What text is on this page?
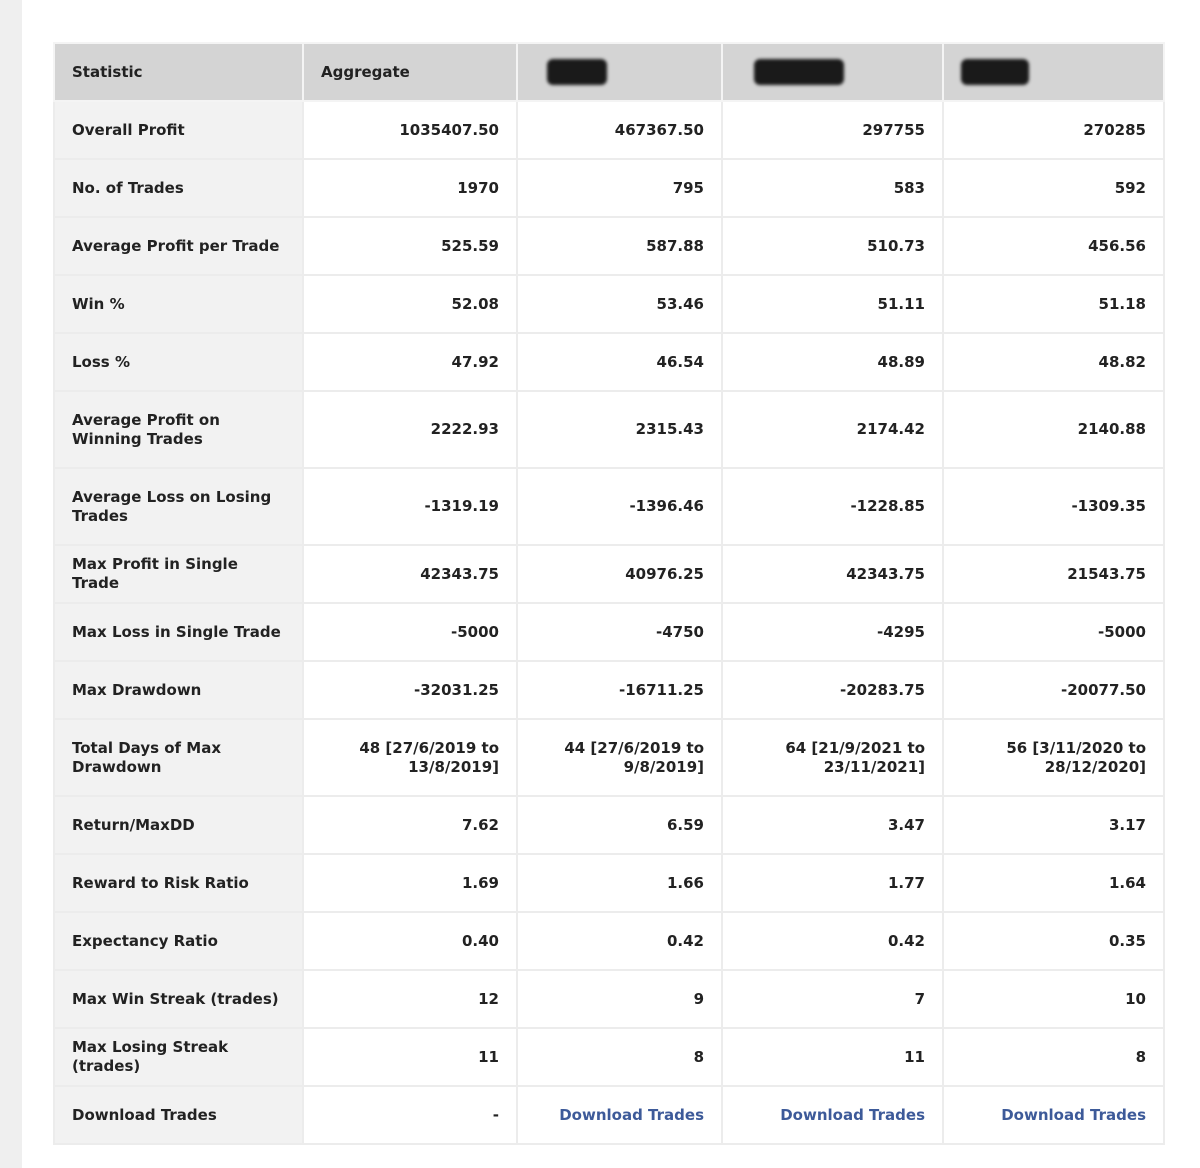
Statistic	Aggregate			
Overall Profit	1035407.50	467367.50	297755	270285
No. of Trades	1970	795	583	592
Average Profit per Trade	525.59	587.88	510.73	456.56
Win %	52.08	53.46	51.11	51.18
Loss %	47.92	46.54	48.89	48.82
Average Profit on Winning Trades	2222.93	2315.43	2174.42	2140.88
Average Loss on Losing Trades	-1319.19	-1396.46	-1228.85	-1309.35
Max Profit in Single Trade	42343.75	40976.25	42343.75	21543.75
Max Loss in Single Trade	-5000	-4750	-4295	-5000
Max Drawdown	-32031.25	-16711.25	-20283.75	-20077.50
Total Days of Max Drawdown	48 [27/6/2019 to 13/8/2019]	44 [27/6/2019 to 9/8/2019]	64 [21/9/2021 to 23/11/2021]	56 [3/11/2020 to 28/12/2020]
Return/MaxDD	7.62	6.59	3.47	3.17
Reward to Risk Ratio	1.69	1.66	1.77	1.64
Expectancy Ratio	0.40	0.42	0.42	0.35
Max Win Streak (trades)	12	9	7	10
Max Losing Streak (trades)	11	8	11	8
Download Trades	-	Download Trades	Download Trades	Download Trades
